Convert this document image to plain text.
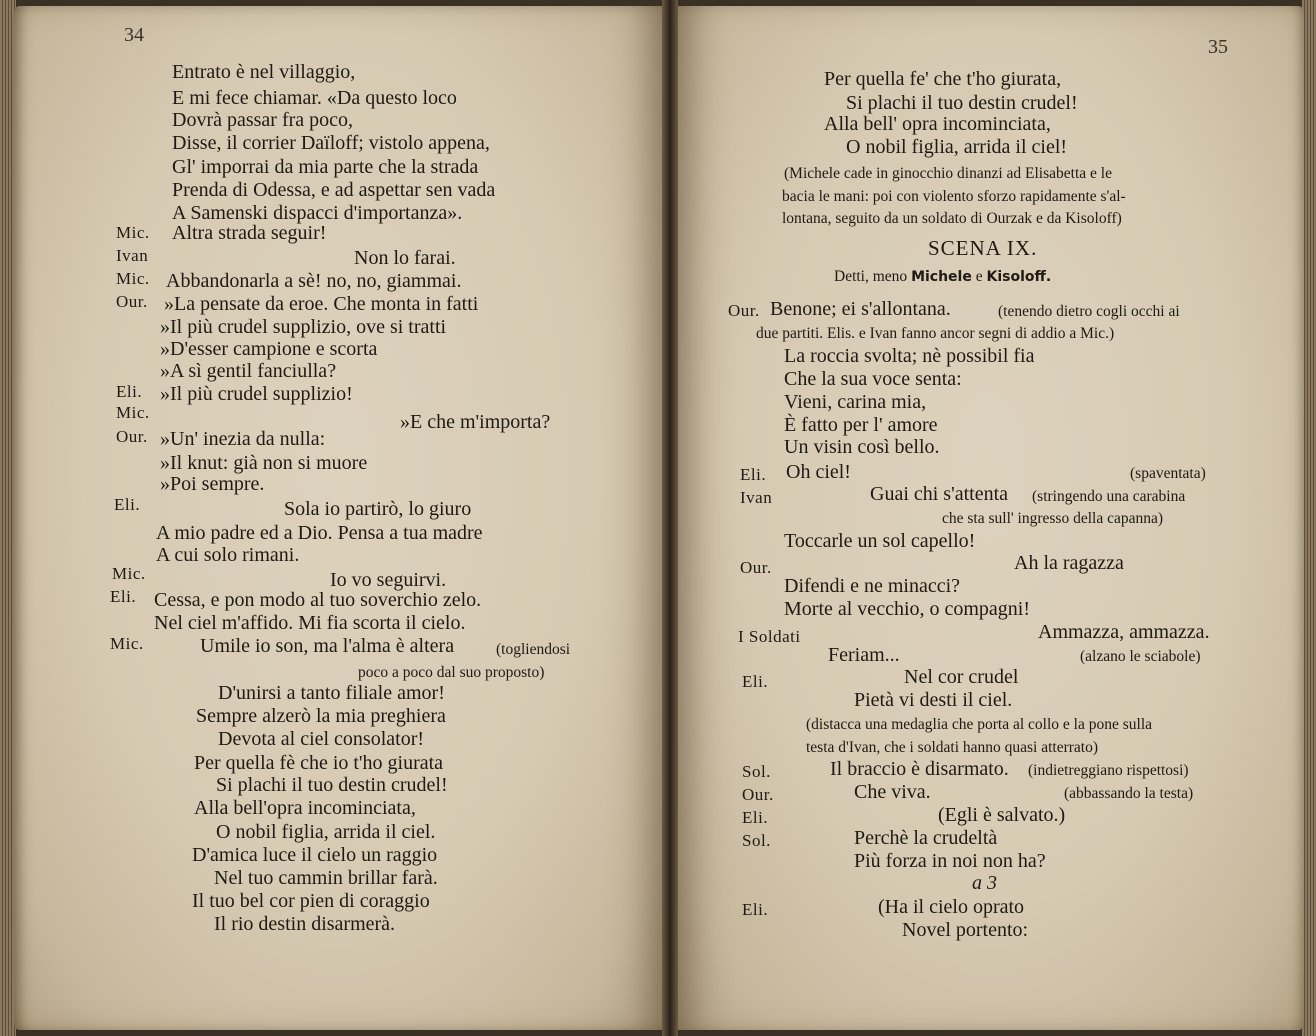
34
Entrato è nel villaggio,
E mi fece chiamar. «Da questo loco
Dovrà passar fra poco,
Disse, il corrier Daïloff; vistolo appena,
Gl' imporrai da mia parte che la strada
Prenda di Odessa, e ad aspettar sen vada
A Samenski dispacci d'importanza».
Mic. Altra strada seguir!
Ivan	Non lo farai.
Mic. Abbandonarla a sè! no, no, giammai.
Our. »La pensate da eroe. Che monta in fatti
»Il più crudel supplizio, ove si tratti
»D'esser campione e scorta
»A sì gentil fanciulla?
Eli. »Il più crudel supplizio!
Mic.	»E che m'importa?
Our. »Un' inezia da nulla:
»Il knut: già non si muore
»Poi sempre.
Eli.	Sola io partirò, lo giuro
A mio padre ed a Dio. Pensa a tua madre
A cui solo rimani.
Mic.	Io vo seguirvi.
Eli. Cessa, e pon modo al tuo soverchio zelo.
Nel ciel m'affido. Mi fia scorta il cielo.
Mic.	Umile io son, ma l'alma è altera	(togliendosi
poco a poco dal suo proposto)
D'unirsi a tanto filiale amor!
Sempre alzerò la mia preghiera
Devota al ciel consolator!
Per quella fè che io t'ho giurata
Si plachi il tuo destin crudel!
Alla bell'opra incominciata,
O nobil figlia, arrida il ciel.
D'amica luce il cielo un raggio
Nel tuo cammin brillar farà.
Il tuo bel cor pien di coraggio
Il rio destin disarmerà.
35
Per quella fe' che t'ho giurata,
Si plachi il tuo destin crudel!
Alla bell' opra incominciata,
O nobil figlia, arrida il ciel!
(Michele cade in ginocchio dinanzi ad Elisabetta e le
bacia le mani: poi con violento sforzo rapidamente s'al-
lontana, seguito da un soldato di Ourzak e da Kisoloff)
SCENA IX.
Detti, meno Michele e Kisoloff.
Our. Benone; ei s'allontana.	(tenendo dietro cogli occhi ai
due partiti. Elis. e Ivan fanno ancor segni di addio a Mic.)
La roccia svolta; nè possibil fia
Che la sua voce senta:
Vieni, carina mia,
È fatto per l' amore
Un visin così bello.
Eli. Oh ciel!	(spaventata)
Ivan	Guai chi s'attenta (stringendo una carabina
che sta sull' ingresso della capanna)
Toccarle un sol capello!
Our.	Ah la ragazza
Difendi e ne minacci?
Morte al vecchio, o compagni!
I Soldati	Ammazza, ammazza.
Feriam...	(alzano le sciabole)
Eli.	Nel cor crudel
Pietà vi desti il ciel.
(distacca una medaglia che porta al collo e la pone sulla
testa d'Ivan, che i soldati hanno quasi atterrato)
Sol.	Il braccio è disarmato. (indietreggiano rispettosi)
Our.	Che viva.	(abbassando la testa)
Eli.	(Egli è salvato.)
Sol.	Perchè la crudeltà
Più forza in noi non ha?
a 3
Eli.	(Ha il cielo oprato
Novel portento:
